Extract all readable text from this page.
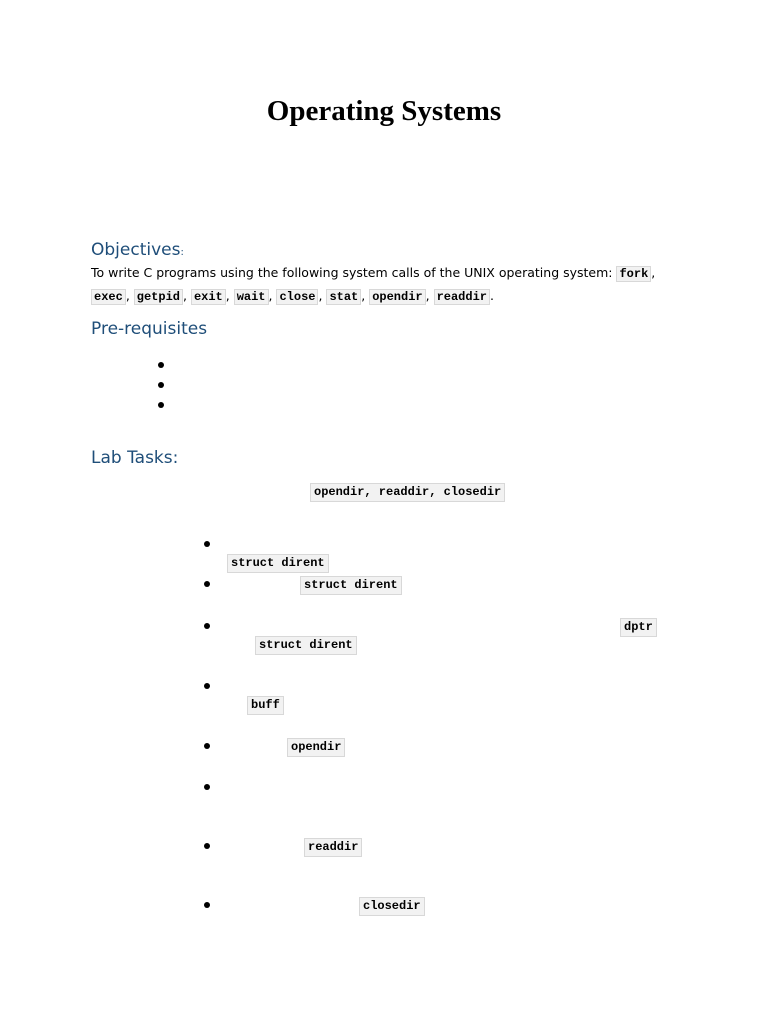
Operating Systems
Objectives:
To write C programs using the following system calls of the UNIX operating system: fork , exec , getpid , exit , wait , close , stat , opendir , readdir .
Pre-requisites
Lab Tasks:
opendir, readdir, closedir
struct dirent
struct dirent
dptr
struct dirent
buff
opendir
readdir
closedir
